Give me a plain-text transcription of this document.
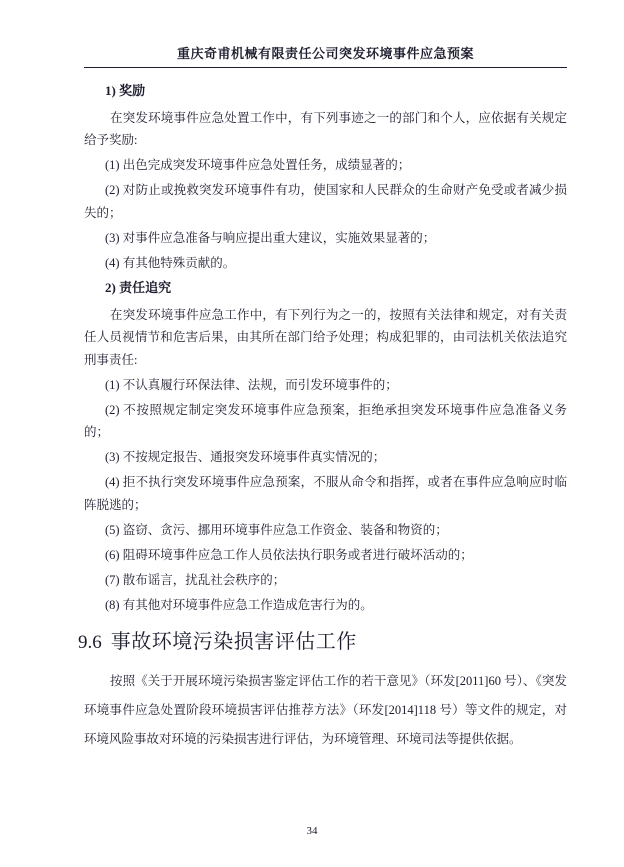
重庆奇甫机械有限责任公司突发环境事件应急预案
1) 奖励

在突发环境事件应急处置工作中，有下列事迹之一的部门和个人，应依据有关规定给予奖励:

(1) 出色完成突发环境事件应急处置任务，成绩显著的；

(2) 对防止或挽救突发环境事件有功，使国家和人民群众的生命财产免受或者减少损失的；

(3) 对事件应急准备与响应提出重大建议，实施效果显著的；

(4) 有其他特殊贡献的。

2) 责任追究

在突发环境事件应急工作中，有下列行为之一的，按照有关法律和规定，对有关责任人员视情节和危害后果，由其所在部门给予处理；构成犯罪的，由司法机关依法追究刑事责任:

(1) 不认真履行环保法律、法规，而引发环境事件的；

(2) 不按照规定制定突发环境事件应急预案，拒绝承担突发环境事件应急准备义务的；

(3) 不按规定报告、通报突发环境事件真实情况的；

(4) 拒不执行突发环境事件应急预案，不服从命令和指挥，或者在事件应急响应时临阵脱逃的；

(5) 盗窃、贪污、挪用环境事件应急工作资金、装备和物资的；

(6) 阻碍环境事件应急工作人员依法执行职务或者进行破坏活动的；

(7) 散布谣言，扰乱社会秩序的；

(8) 有其他对环境事件应急工作造成危害行为的。

9.6 事故环境污染损害评估工作

按照《关于开展环境污染损害鉴定评估工作的若干意见》（环发[2011]60 号）、《突发环境事件应急处置阶段环境损害评估推荐方法》（环发[2014]118 号）等文件的规定，对环境风险事故对环境的污染损害进行评估，为环境管理、环境司法等提供依据。

34
